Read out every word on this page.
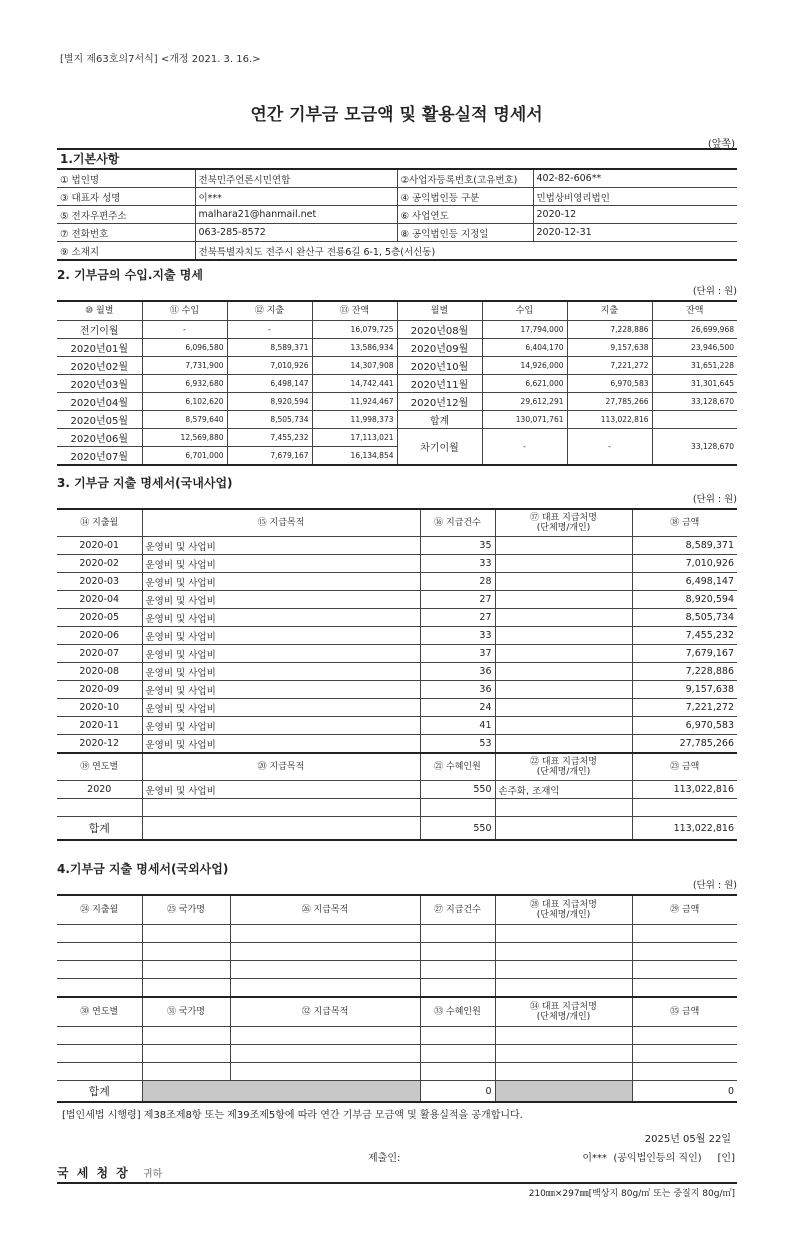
[별지 제63호의7서식] <개정 2021. 3. 16.>
연간 기부금 모금액 및 활용실적 명세서
(앞쪽)
1.기본사항			
① 법인명	전북민주언론시민연합	②사업자등록번호(고유번호)	402-82-606**
③ 대표자 성명	이***	④ 공익법인등 구분	민법상비영리법인
⑤ 전자우편주소	malhara21@hanmail.net	⑥ 사업연도	2020-12
⑦ 전화번호	063-285-8572	⑧ 공익법인등 지정일	2020-12-31
⑨ 소재지	전북특별자치도 전주시 완산구 전룡6길 6-1, 5층(서신동)		
2. 기부금의 수입.지출 명세
(단위 : 원)
⑩ 월별	⑪ 수입	⑫ 지출	⑬ 잔액	월별	수입	지출	잔액
전기이월	-	-	16,079,725	2020년08월	17,794,000	7,228,886	26,699,968
2020년01월	6,096,580	8,589,371	13,586,934	2020년09월	6,404,170	9,157,638	23,946,500
2020년02월	7,731,900	7,010,926	14,307,908	2020년10월	14,926,000	7,221,272	31,651,228
2020년03월	6,932,680	6,498,147	14,742,441	2020년11월	6,621,000	6,970,583	31,301,645
2020년04월	6,102,620	8,920,594	11,924,467	2020년12월	29,612,291	27,785,266	33,128,670
2020년05월	8,579,640	8,505,734	11,998,373	합계	130,071,761	113,022,816	
2020년06월	12,569,880	7,455,232	17,113,021	차기이월	-	-	33,128,670
2020년07월	6,701,000	7,679,167	16,134,854				
3. 기부금 지출 명세서(국내사업)
(단위 : 원)
⑭ 지출월	⑮ 지급목적	⑯ 지급건수	⑰ 대표 지급처명
(단체명/개인)	⑱ 금액
2020-01	운영비 및 사업비	35		8,589,371
2020-02	운영비 및 사업비	33		7,010,926
2020-03	운영비 및 사업비	28		6,498,147
2020-04	운영비 및 사업비	27		8,920,594
2020-05	운영비 및 사업비	27		8,505,734
2020-06	운영비 및 사업비	33		7,455,232
2020-07	운영비 및 사업비	37		7,679,167
2020-08	운영비 및 사업비	36		7,228,886
2020-09	운영비 및 사업비	36		9,157,638
2020-10	운영비 및 사업비	24		7,221,272
2020-11	운영비 및 사업비	41		6,970,583
2020-12	운영비 및 사업비	53		27,785,266
⑲ 연도별	⑳ 지급목적	㉑ 수혜인원	㉒ 대표 지급처명
(단체명/개인)	㉓ 금액
2020	운영비 및 사업비	550	손주화, 조재익	113,022,816

합계		550		113,022,816
4.기부금 지출 명세서(국외사업)
(단위 : 원)
㉔ 지출월	㉕ 국가명	㉖ 지급목적	㉗ 지급건수	㉘ 대표 지급처명
(단체명/개인)	㉙ 금액

㉚ 연도별	㉛ 국가명	㉜ 지급목적	㉝ 수혜인원	㉞ 대표 지급처명
(단체명/개인)	㉟ 금액

합계			0		0
[법인세법 시행령] 제38조제8항 또는 제39조제5항에 따라 연간 기부금 모금액 및 활용실적을 공개합니다.
2025년 05월 22일
제출인:	이***  (공익법인등의 직인)     [인]
국 세 청 장 귀하
210㎜×297㎜[백상지 80g/㎡ 또는 중질지 80g/㎡]
